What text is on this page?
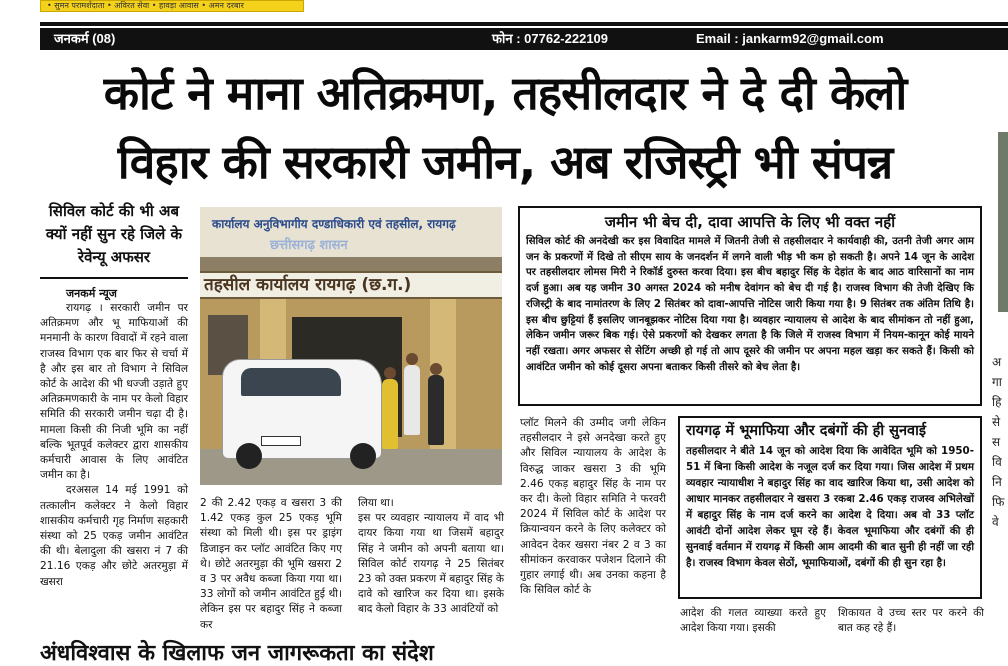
• सुमन परामर्शदाता • अविरत सेवा • हावड़ा आवास • अमन दरबार
जनकर्म (08)	फोन : 07762-222109	Email : jankarm92@gmail.com
कोर्ट ने माना अतिक्रमण, तहसीलदार ने दे दी केलो
विहार की सरकारी जमीन, अब रजिस्ट्री भी संपन्न
अ
गा
हि
से
स
वि
नि
फि
वे
सिविल कोर्ट की भी अब क्यों नहीं सुन रहे जिले के रेवेन्यू अफसर
जनकर्म न्यूज

रायगढ़ । सरकारी जमीन पर अतिक्रमण और भू माफियाओं की मनमानी के कारण विवादों में रहने वाला राजस्व विभाग एक बार फिर से चर्चा में है और इस बार तो विभाग ने सिविल कोर्ट के आदेश की भी धज्जी उड़ाते हुए अतिक्रमणकारी के नाम पर केलो विहार समिति की सरकारी जमीन चढ़ा दी है। मामला किसी की निजी भूमि का नहीं बल्कि भूतपूर्व कलेक्टर द्वारा शासकीय कर्मचारी आवास के लिए आवंटित जमीन का है।

दरअसल 14 मई 1991 को तत्कालीन कलेक्टर ने केलो विहार शासकीय कर्मचारी गृह निर्माण सहकारी संस्था को 25 एकड़ जमीन आवंटित की थी। बेलादुला की खसरा नं 7 की 21.16 एकड़ और छोटे अतरमुड़ा में खसरा

कार्यालय अनुविभागीय दण्डाधिकारी एवं तहसील, रायगढ़
छत्तीसगढ़ शासन
तहसील कार्यालय रायगढ़ (छ.ग.)
2 की 2.42 एकड़ व खसरा 3 की 1.42 एकड़ कुल 25 एकड़ भूमि संस्था को मिली थी। इस पर ड्राइंग डिजाइन कर प्लॉट आवंटित किए गए थे। छोटे अतरमुड़ा की भूमि खसरा 2 व 3 पर अवैध कब्जा किया गया था। 33 लोगों को जमीन आवंटित हुई थी। लेकिन इस पर बहादुर सिंह ने कब्जा कर
लिया था।
इस पर व्यवहार न्यायालय में वाद भी दायर किया गया था जिसमें बहादुर सिंह ने जमीन को अपनी बताया था। सिविल कोर्ट रायगढ़ ने 25 सितंबर 23 को उक्त प्रकरण में बहादुर सिंह के दावे को खारिज कर दिया था। इसके बाद केलो विहार के 33 आवंटियों को
जमीन भी बेच दी, दावा आपत्ति के लिए भी वक्त नहीं
सिविल कोर्ट की अनदेखी कर इस विवादित मामले में जितनी तेजी से तहसीलदार ने कार्यवाही की, उतनी तेजी अगर आम जन के प्रकरणों में दिखे तो सीएम साय के जनदर्शन में लगने वाली भीड़ भी कम हो सकती है। अपने 14 जून के आदेश पर तहसीलदार लोमस मिरी ने रिकॉर्ड दुरुस्त करवा दिया। इस बीच बहादुर सिंह के देहांत के बाद आठ वारिसानों का नाम दर्ज हुआ। अब यह जमीन 30 अगस्त 2024 को मनीष देवांगन को बेच दी गई है। राजस्व विभाग की तेजी देखिए कि रजिस्ट्री के बाद नामांतरण के लिए 2 सितंबर को दावा-आपत्ति नोटिस जारी किया गया है। 9 सितंबर तक अंतिम तिथि है। इस बीच छुट्टियां हैं इसलिए जानबूझकर नोटिस दिया गया है। व्यवहार न्यायालय से आदेश के बाद सीमांकन तो नहीं हुआ, लेकिन जमीन जरूर बिक गई। ऐसे प्रकरणों को देखकर लगता है कि जिले में राजस्व विभाग में नियम-कानून कोई मायने नहीं रखता। अगर अफसर से सेटिंग अच्छी हो गई तो आप दूसरे की जमीन पर अपना महल खड़ा कर सकते हैं। किसी को आवंटित जमीन को कोई दूसरा अपना बताकर किसी तीसरे को बेच लेता है।
प्लॉट मिलने की उम्मीद जगी लेकिन तहसीलदार ने इसे अनदेखा करते हुए और सिविल न्यायालय के आदेश के विरुद्ध जाकर खसरा 3 की भूमि 2.46 एकड़ बहादुर सिंह के नाम पर कर दी। केलो विहार समिति ने फरवरी 2024 में सिविल कोर्ट के आदेश पर क्रियान्वयन करने के लिए कलेक्टर को आवेदन देकर खसरा नंबर 2 व 3 का सीमांकन करवाकर पजेशन दिलाने की गुहार लगाई थी। अब उनका कहना है कि सिविल कोर्ट के
रायगढ़ में भूमाफिया और दबंगों की ही सुनवाई
तहसीलदार ने बीते 14 जून को आदेश दिया कि आवेदित भूमि को 1950-51 में बिना किसी आदेश के नजूल दर्ज कर दिया गया। जिस आदेश में प्रथम व्यवहार न्यायाधीश ने बहादुर सिंह का वाद खारिज किया था, उसी आदेश को आधार मानकर तहसीलदार ने खसरा 3 रकबा 2.46 एकड़ राजस्व अभिलेखों में बहादुर सिंह के नाम दर्ज करने का आदेश दे दिया। अब वो 33 प्लॉट आवंटी दोनों आदेश लेकर घूम रहे हैं। केवल भूमाफिया और दबंगों की ही सुनवाई वर्तमान में रायगढ़ में किसी आम आदमी की बात सुनी ही नहीं जा रही है। राजस्व विभाग केवल सेठों, भूमाफियाओं, दबंगों की ही सुन रहा है।
आदेश की गलत व्याख्या करते हुए आदेश किया गया। इसकी
शिकायत वे उच्च स्तर पर करने की बात कह रहे हैं।
अंधविश्वास के खिलाफ जन जागरूकता का संदेश
